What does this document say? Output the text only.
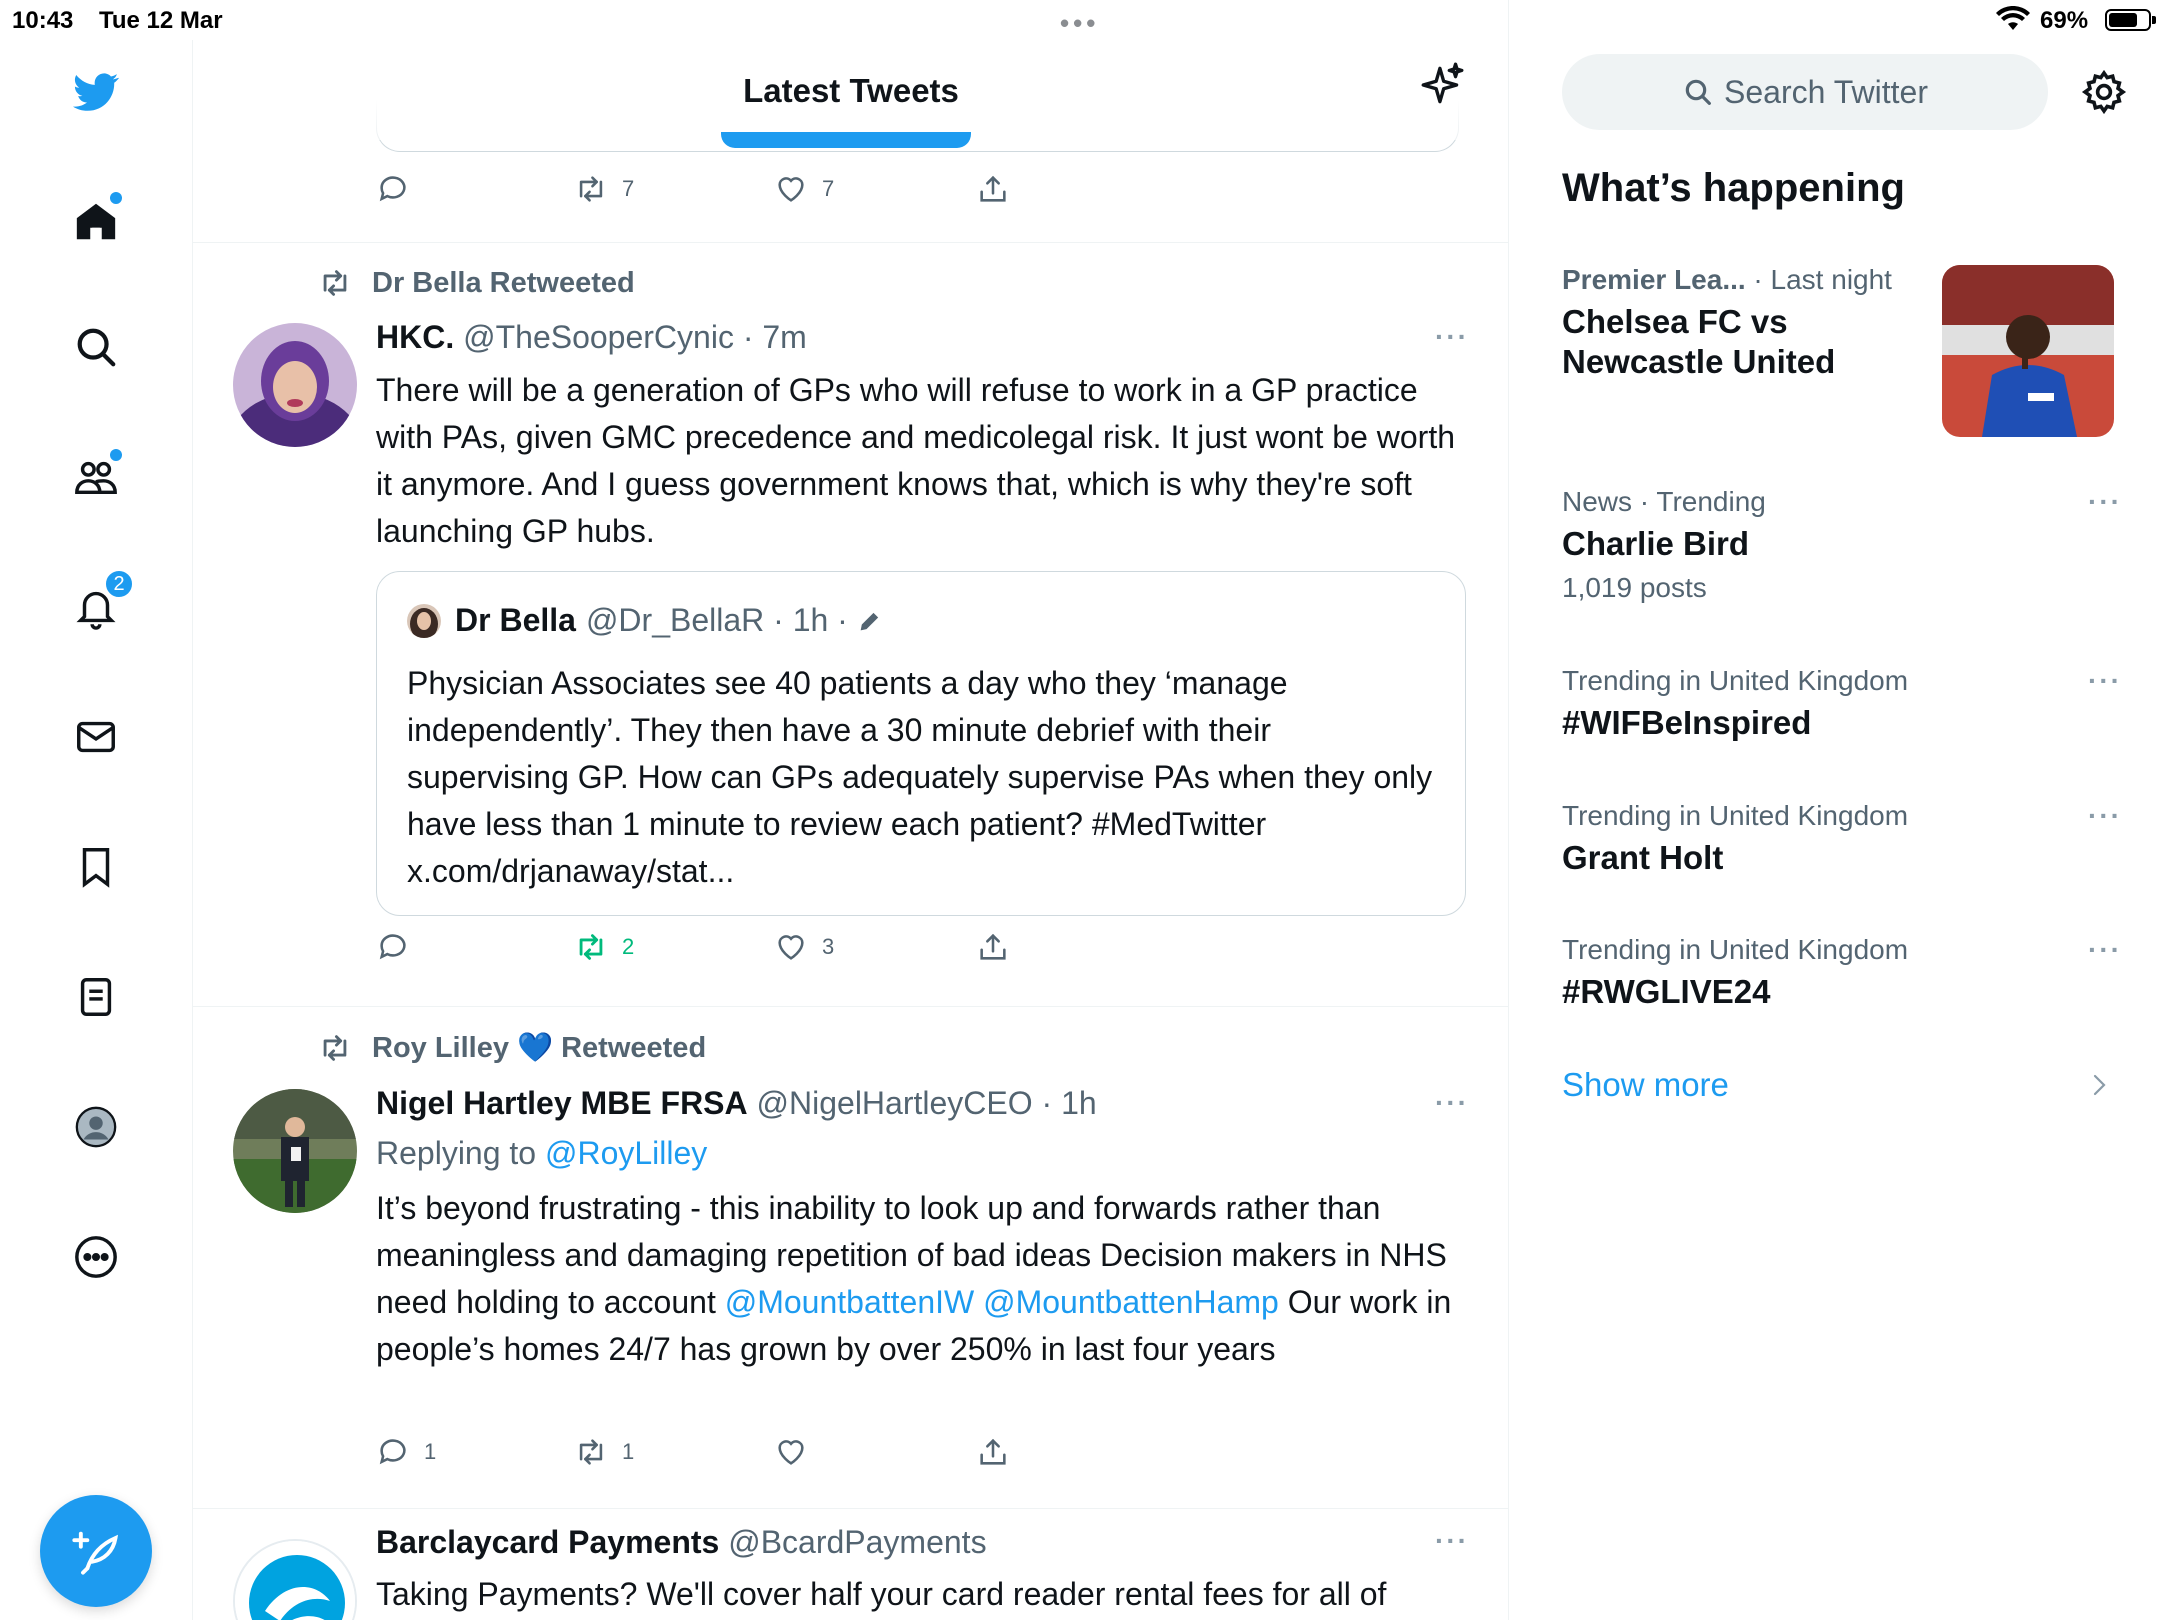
10:43 Tue 12 Mar	•••	69%
2
Latest Tweets
7	7
Dr Bella Retweeted
HKC. @TheSooperCynic · 7m	···
There will be a generation of GPs who will refuse to work in a GP practice with PAs, given GMC precedence and medicolegal risk. It just wont be worth it anymore. And I guess government knows that, which is why they're soft launching GP hubs.
Dr Bella @Dr_BellaR · 1h ·
Physician Associates see 40 patients a day who they ‘manage independently’. They then have a 30 minute debrief with their supervising GP. How can GPs adequately supervise PAs when they only have less than 1 minute to review each patient? #MedTwitter x.com/drjanaway/stat...
2	3
Roy Lilley 💙 Retweeted
Nigel Hartley MBE FRSA @NigelHartleyCEO · 1h	···
Replying to @RoyLilley
It’s beyond frustrating - this inability to look up and forwards rather than meaningless and damaging repetition of bad ideas Decision makers in NHS need holding to account @MountbattenIW @MountbattenHamp Our work in people’s homes 24/7 has grown by over 250% in last four years
1	1
Barclaycard Payments @BcardPayments	···
Taking Payments? We'll cover half your card reader rental fees for all of
Search Twitter
What’s happening
Premier Lea... · Last night
Chelsea FC vs Newcastle United
News · Trending
Charlie Bird
1,019 posts
···
Trending in United Kingdom
#WIFBeInspired
···
Trending in United Kingdom
Grant Holt
···
Trending in United Kingdom
#RWGLIVE24
···
Show more
